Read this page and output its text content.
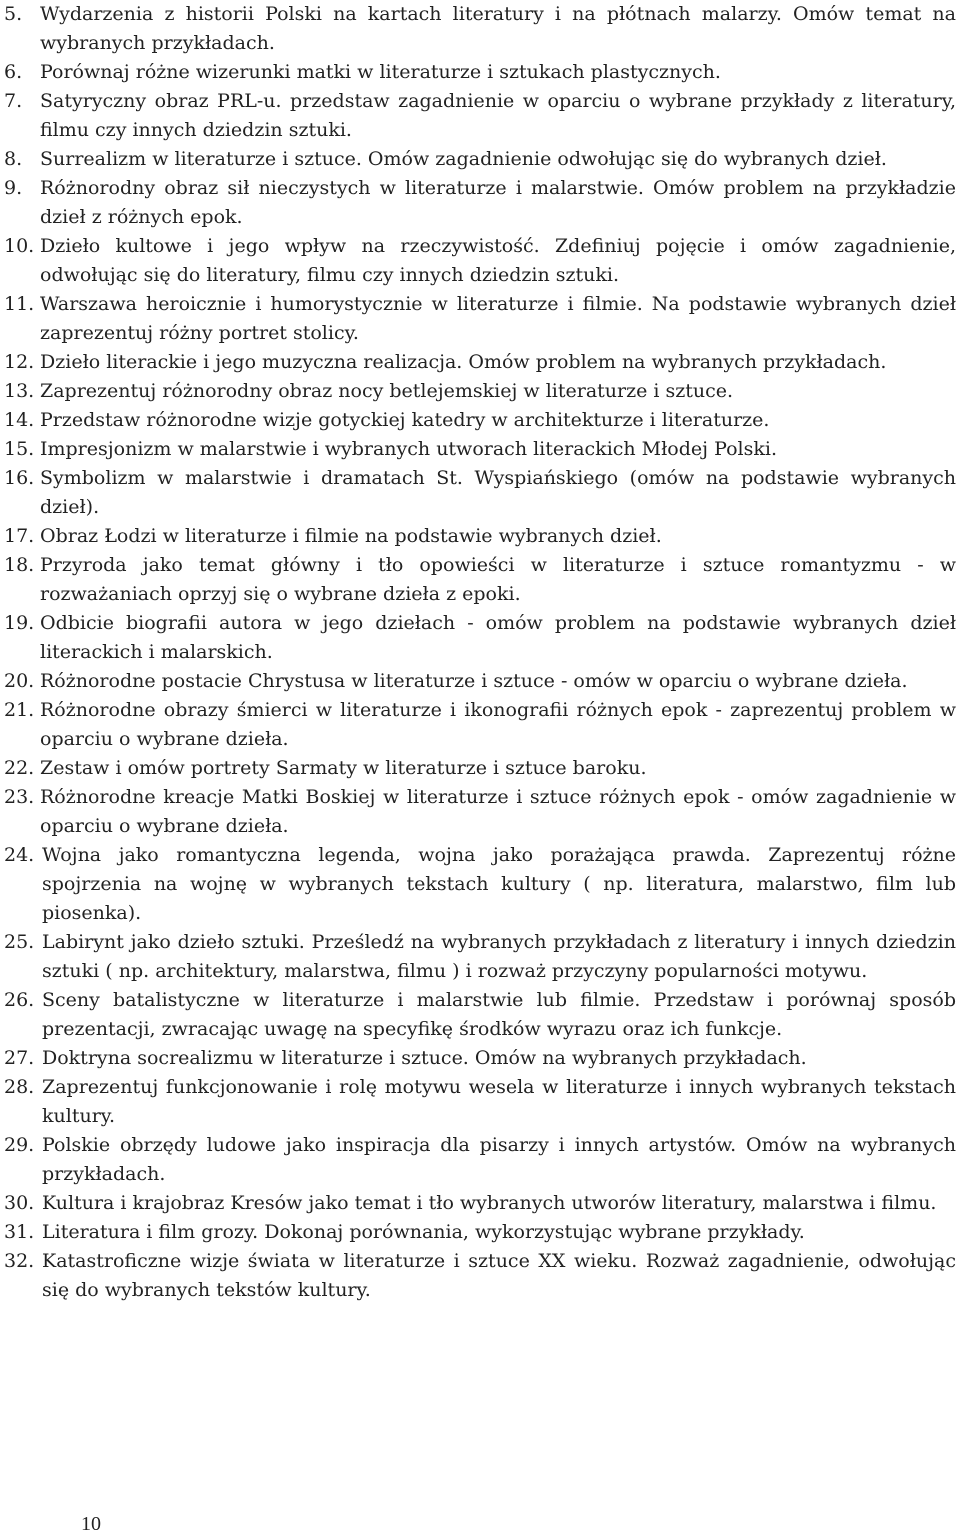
5. Wydarzenia z historii Polski na kartach literatury i na płótnach malarzy. Omów temat na wybranych przykładach.
6. Porównaj różne wizerunki matki w literaturze i sztukach plastycznych.
7. Satyryczny obraz PRL-u. przedstaw zagadnienie w oparciu o wybrane przykłady z literatury, filmu czy innych dziedzin sztuki.
8. Surrealizm w literaturze i sztuce. Omów zagadnienie odwołując się do wybranych dzieł.
9. Różnorodny obraz sił nieczystych w literaturze i malarstwie. Omów problem na przykładzie dzieł z różnych epok.
10. Dzieło kultowe i jego wpływ na rzeczywistość. Zdefiniuj pojęcie i omów zagadnienie, odwołując się do literatury, filmu czy innych dziedzin sztuki.
11. Warszawa heroicznie i humorystycznie w literaturze i filmie. Na podstawie wybranych dzieł zaprezentuj różny portret stolicy.
12. Dzieło literackie i jego muzyczna realizacja. Omów problem na wybranych przykładach.
13. Zaprezentuj różnorodny obraz nocy betlejemskiej w literaturze i sztuce.
14. Przedstaw różnorodne wizje gotyckiej katedry w architekturze i literaturze.
15. Impresjonizm w malarstwie i wybranych utworach literackich Młodej Polski.
16. Symbolizm w malarstwie i dramatach St. Wyspiańskiego (omów na podstawie wybranych dzieł).
17. Obraz Łodzi w literaturze i filmie na podstawie wybranych dzieł.
18. Przyroda jako temat główny i tło opowieści w literaturze i sztuce romantyzmu - w rozważaniach oprzyj się o wybrane dzieła z epoki.
19. Odbicie biografii autora w jego dziełach - omów problem na podstawie wybranych dzieł literackich i malarskich.
20. Różnorodne postacie Chrystusa w literaturze i sztuce - omów w oparciu o wybrane dzieła.
21. Różnorodne obrazy śmierci w literaturze i ikonografii różnych epok - zaprezentuj problem w oparciu o wybrane dzieła.
22. Zestaw i omów portrety Sarmaty w literaturze i sztuce baroku.
23. Różnorodne kreacje Matki Boskiej w literaturze i sztuce różnych epok - omów zagadnienie w oparciu o wybrane dzieła.
24. Wojna jako romantyczna legenda, wojna jako porażająca prawda. Zaprezentuj różne spojrzenia na wojnę w wybranych tekstach kultury ( np. literatura, malarstwo, film lub piosenka).
25. Labirynt jako dzieło sztuki. Prześledź na wybranych przykładach z literatury i innych dziedzin sztuki ( np. architektury, malarstwa, filmu ) i rozważ przyczyny popularności motywu.
26. Sceny batalistyczne w literaturze i malarstwie lub filmie. Przedstaw i porównaj sposób prezentacji, zwracając uwagę na specyfikę środków wyrazu oraz ich funkcje.
27. Doktryna socrealizmu w literaturze i sztuce. Omów na wybranych przykładach.
28. Zaprezentuj funkcjonowanie i rolę motywu wesela w literaturze i innych wybranych tekstach kultury.
29. Polskie obrzędy ludowe jako inspiracja dla pisarzy i innych artystów. Omów na wybranych przykładach.
30. Kultura i krajobraz Kresów jako temat i tło wybranych utworów literatury, malarstwa i filmu.
31. Literatura i film grozy. Dokonaj porównania, wykorzystując wybrane przykłady.
32. Katastroficzne wizje świata w literaturze i sztuce XX wieku. Rozważ zagadnienie, odwołując się do wybranych tekstów kultury.
10
